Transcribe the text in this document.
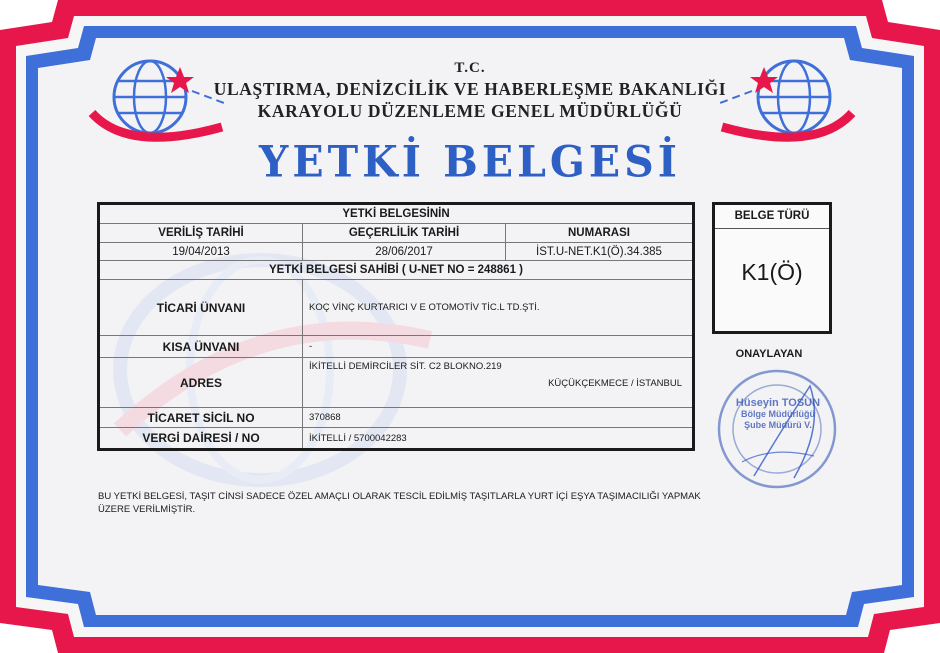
T.C.
ULAŞTIRMA, DENİZCİLİK VE HABERLEŞME BAKANLIĞI
KARAYOLU DÜZENLEME GENEL MÜDÜRLÜĞÜ
YETKİ BELGESİ
YETKİ BELGESİNİN		
VERİLİŞ TARİHİ	GEÇERLİLİK TARİHİ	NUMARASI
19/04/2013	28/06/2017	İST.U-NET.K1(Ö).34.385
YETKİ BELGESİ SAHİBİ ( U-NET NO = 248861 )		
TİCARİ ÜNVANI	KOÇ VİNÇ KURTARICI V E OTOMOTİV TİC.L TD.ŞTİ.	
KISA ÜNVANI	-	
ADRES	İKİTELLİ DEMİRCİLER SİT. C2 BLOKNO.219
KÜÇÜKÇEKMECE / İSTANBUL	

TİCARET SİCİL NO	370868	
VERGİ DAİRESİ / NO	İKİTELLİ / 5700042283	
BELGE TÜRÜ
K1(Ö)
ONAYLAYAN
Hüseyin TOSUN
Bölge Müdürlüğü
Şube Müdürü V.
BU YETKİ BELGESİ, TAŞIT CİNSİ SADECE ÖZEL AMAÇLI OLARAK TESCİL EDİLMİŞ TAŞITLARLA YURT İÇİ EŞYA TAŞIMACILIĞI YAPMAK ÜZERE VERİLMİŞTİR.
